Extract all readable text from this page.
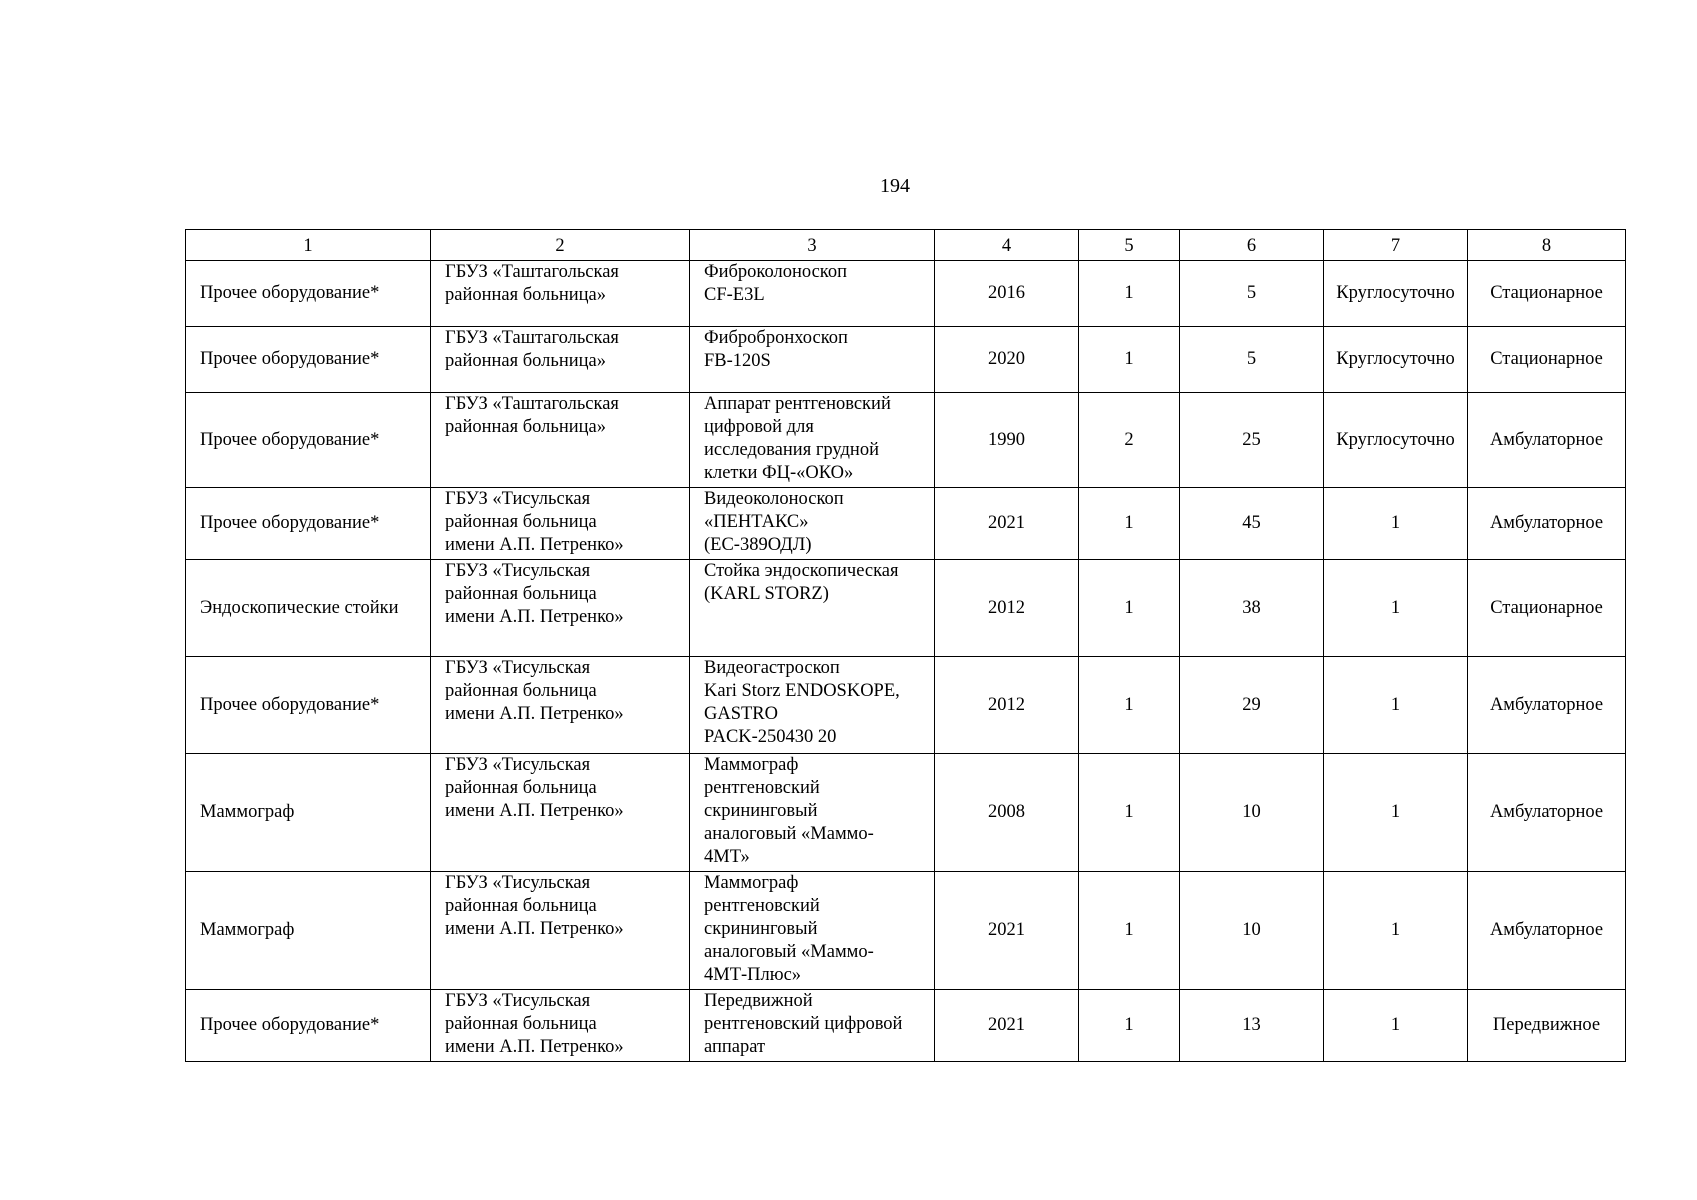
194
1	2	3	4	5	6	7	8
Прочее оборудование*	ГБУЗ «Таштагольская
районная больница»	Фиброколоноскоп
CF-E3L	2016	1	5	Круглосуточно	Стационарное
Прочее оборудование*	ГБУЗ «Таштагольская
районная больница»	Фибробронхоскоп
FB-120S	2020	1	5	Круглосуточно	Стационарное
Прочее оборудование*	ГБУЗ «Таштагольская
районная больница»	Аппарат рентгеновский
цифровой для
исследования грудной
клетки ФЦ-«ОКО»	1990	2	25	Круглосуточно	Амбулаторное
Прочее оборудование*	ГБУЗ «Тисульская
районная больница
имени А.П. Петренко»	Видеоколоноскоп
«ПЕНТАКС»
(ЕС-389ОДЛ)	2021	1	45	1	Амбулаторное
Эндоскопические стойки	ГБУЗ «Тисульская
районная больница
имени А.П. Петренко»	Стойка эндоскопическая
(KARL STORZ)	2012	1	38	1	Стационарное
Прочее оборудование*	ГБУЗ «Тисульская
районная больница
имени А.П. Петренко»	Видеогастроскоп
Kari Storz ENDOSKOPE,
GASTRO
PACK-250430 20	2012	1	29	1	Амбулаторное
Маммограф	ГБУЗ «Тисульская
районная больница
имени А.П. Петренко»	Маммограф
рентгеновский
скрининговый
аналоговый «Маммо-
4МТ»	2008	1	10	1	Амбулаторное
Маммограф	ГБУЗ «Тисульская
районная больница
имени А.П. Петренко»	Маммограф
рентгеновский
скрининговый
аналоговый «Маммо-
4МТ-Плюс»	2021	1	10	1	Амбулаторное
Прочее оборудование*	ГБУЗ «Тисульская
районная больница
имени А.П. Петренко»	Передвижной
рентгеновский цифровой
аппарат	2021	1	13	1	Передвижное
